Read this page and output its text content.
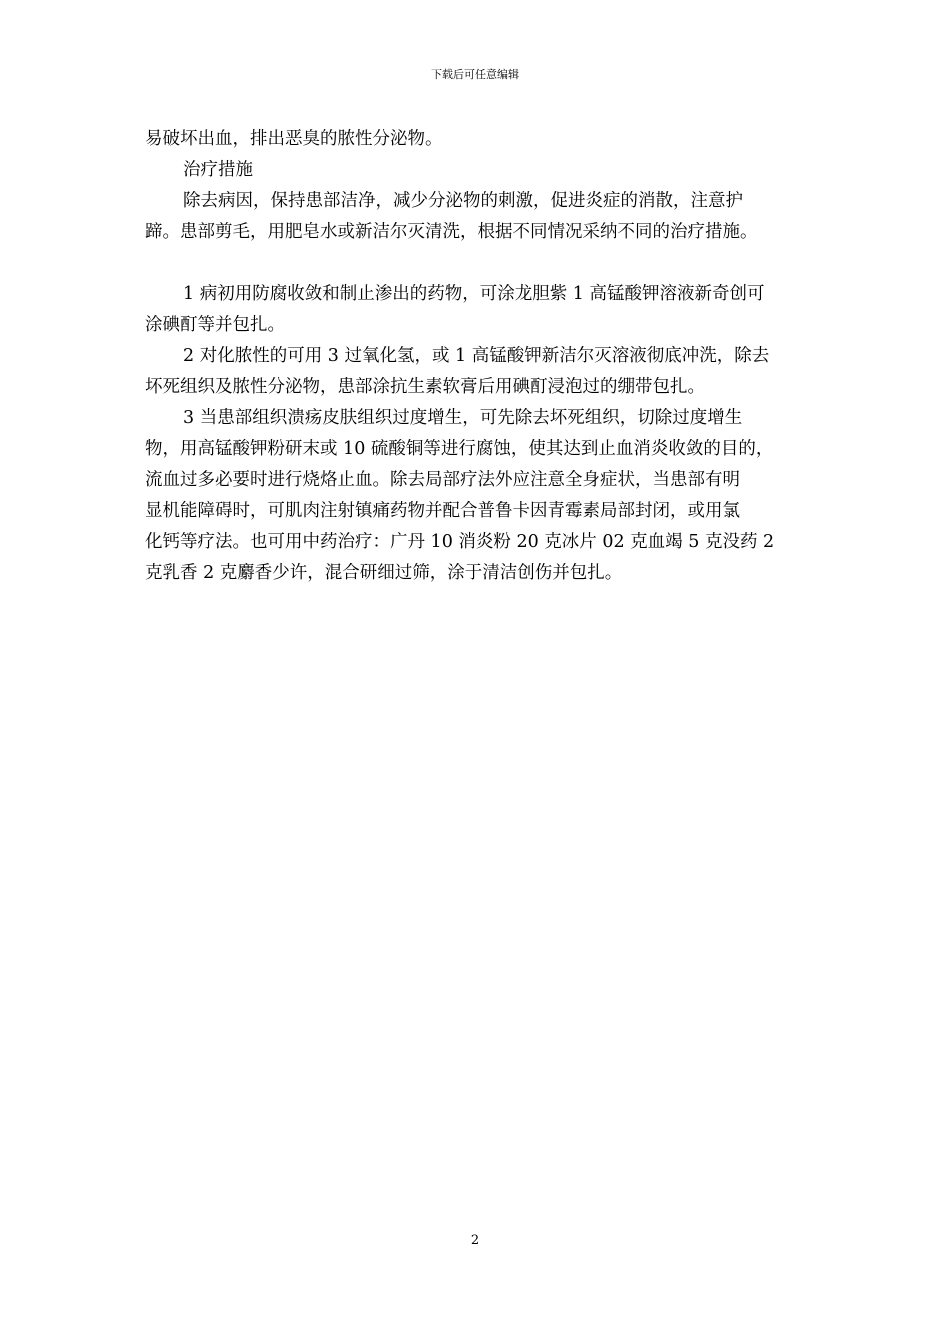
下载后可任意编辑
易破坏出血，排出恶臭的脓性分泌物。
治疗措施
除去病因，保持患部洁净，减少分泌物的刺激，促进炎症的消散，注意护
蹄。患部剪毛，用肥皂水或新洁尔灭清洗，根据不同情况采纳不同的治疗措施。
1 病初用防腐收敛和制止渗出的药物，可涂龙胆紫 1 高锰酸钾溶液新奇创可
涂碘酊等并包扎。
2 对化脓性的可用 3 过氧化氢，或 1 高锰酸钾新洁尔灭溶液彻底冲洗，除去
坏死组织及脓性分泌物，患部涂抗生素软膏后用碘酊浸泡过的绷带包扎。
3 当患部组织溃疡皮肤组织过度增生，可先除去坏死组织，切除过度增生
物，用高锰酸钾粉研末或 10 硫酸铜等进行腐蚀，使其达到止血消炎收敛的目的，
流血过多必要时进行烧烙止血。除去局部疗法外应注意全身症状，当患部有明
显机能障碍时，可肌肉注射镇痛药物并配合普鲁卡因青霉素局部封闭，或用氯
化钙等疗法。也可用中药治疗：广丹 10 消炎粉 20 克冰片 02 克血竭 5 克没药 2
克乳香 2 克麝香少许，混合研细过筛，涂于清洁创伤并包扎。
2
